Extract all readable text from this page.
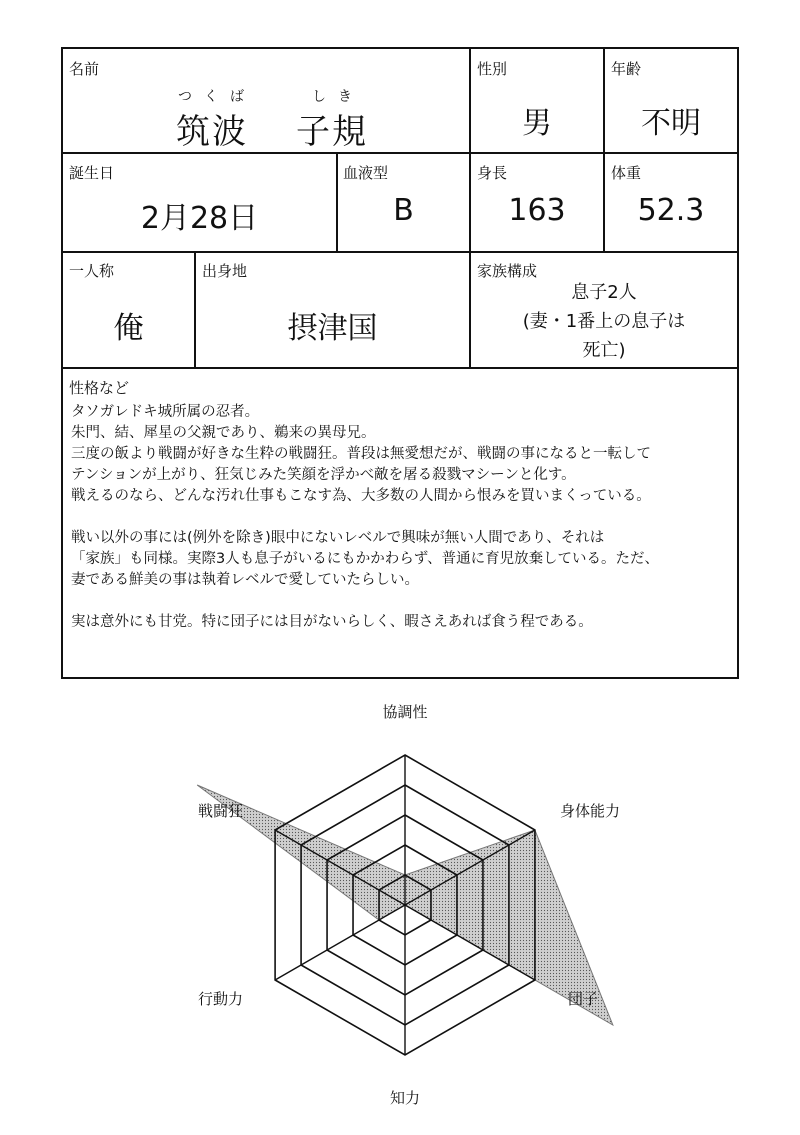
名前
つくば	しき
筑波 子規
性別
男
年齢
不明
誕生日
2月28日
血液型
B
身長
163
体重
52.3
一人称
俺
出身地
摂津国
家族構成
息子2人
(妻・1番上の息子は
死亡)
性格など

タソガレドキ城所属の忍者。

朱門、結、犀星の父親であり、鵜来の異母兄。

三度の飯より戦闘が好きな生粋の戦闘狂。普段は無愛想だが、戦闘の事になると一転して

テンションが上がり、狂気じみた笑顔を浮かべ敵を屠る殺戮マシーンと化す。

戦えるのなら、どんな汚れ仕事もこなす為、大多数の人間から恨みを買いまくっている。

戦い以外の事には(例外を除き)眼中にないレベルで興味が無い人間であり、それは

「家族」も同様。実際3人も息子がいるにもかかわらず、普通に育児放棄している。ただ、

妻である鮮美の事は執着レベルで愛していたらしい。

実は意外にも甘党。特に団子には目がないらしく、暇さえあれば食う程である。

協調性
身体能力
団子
知力
行動力
戦闘狂
